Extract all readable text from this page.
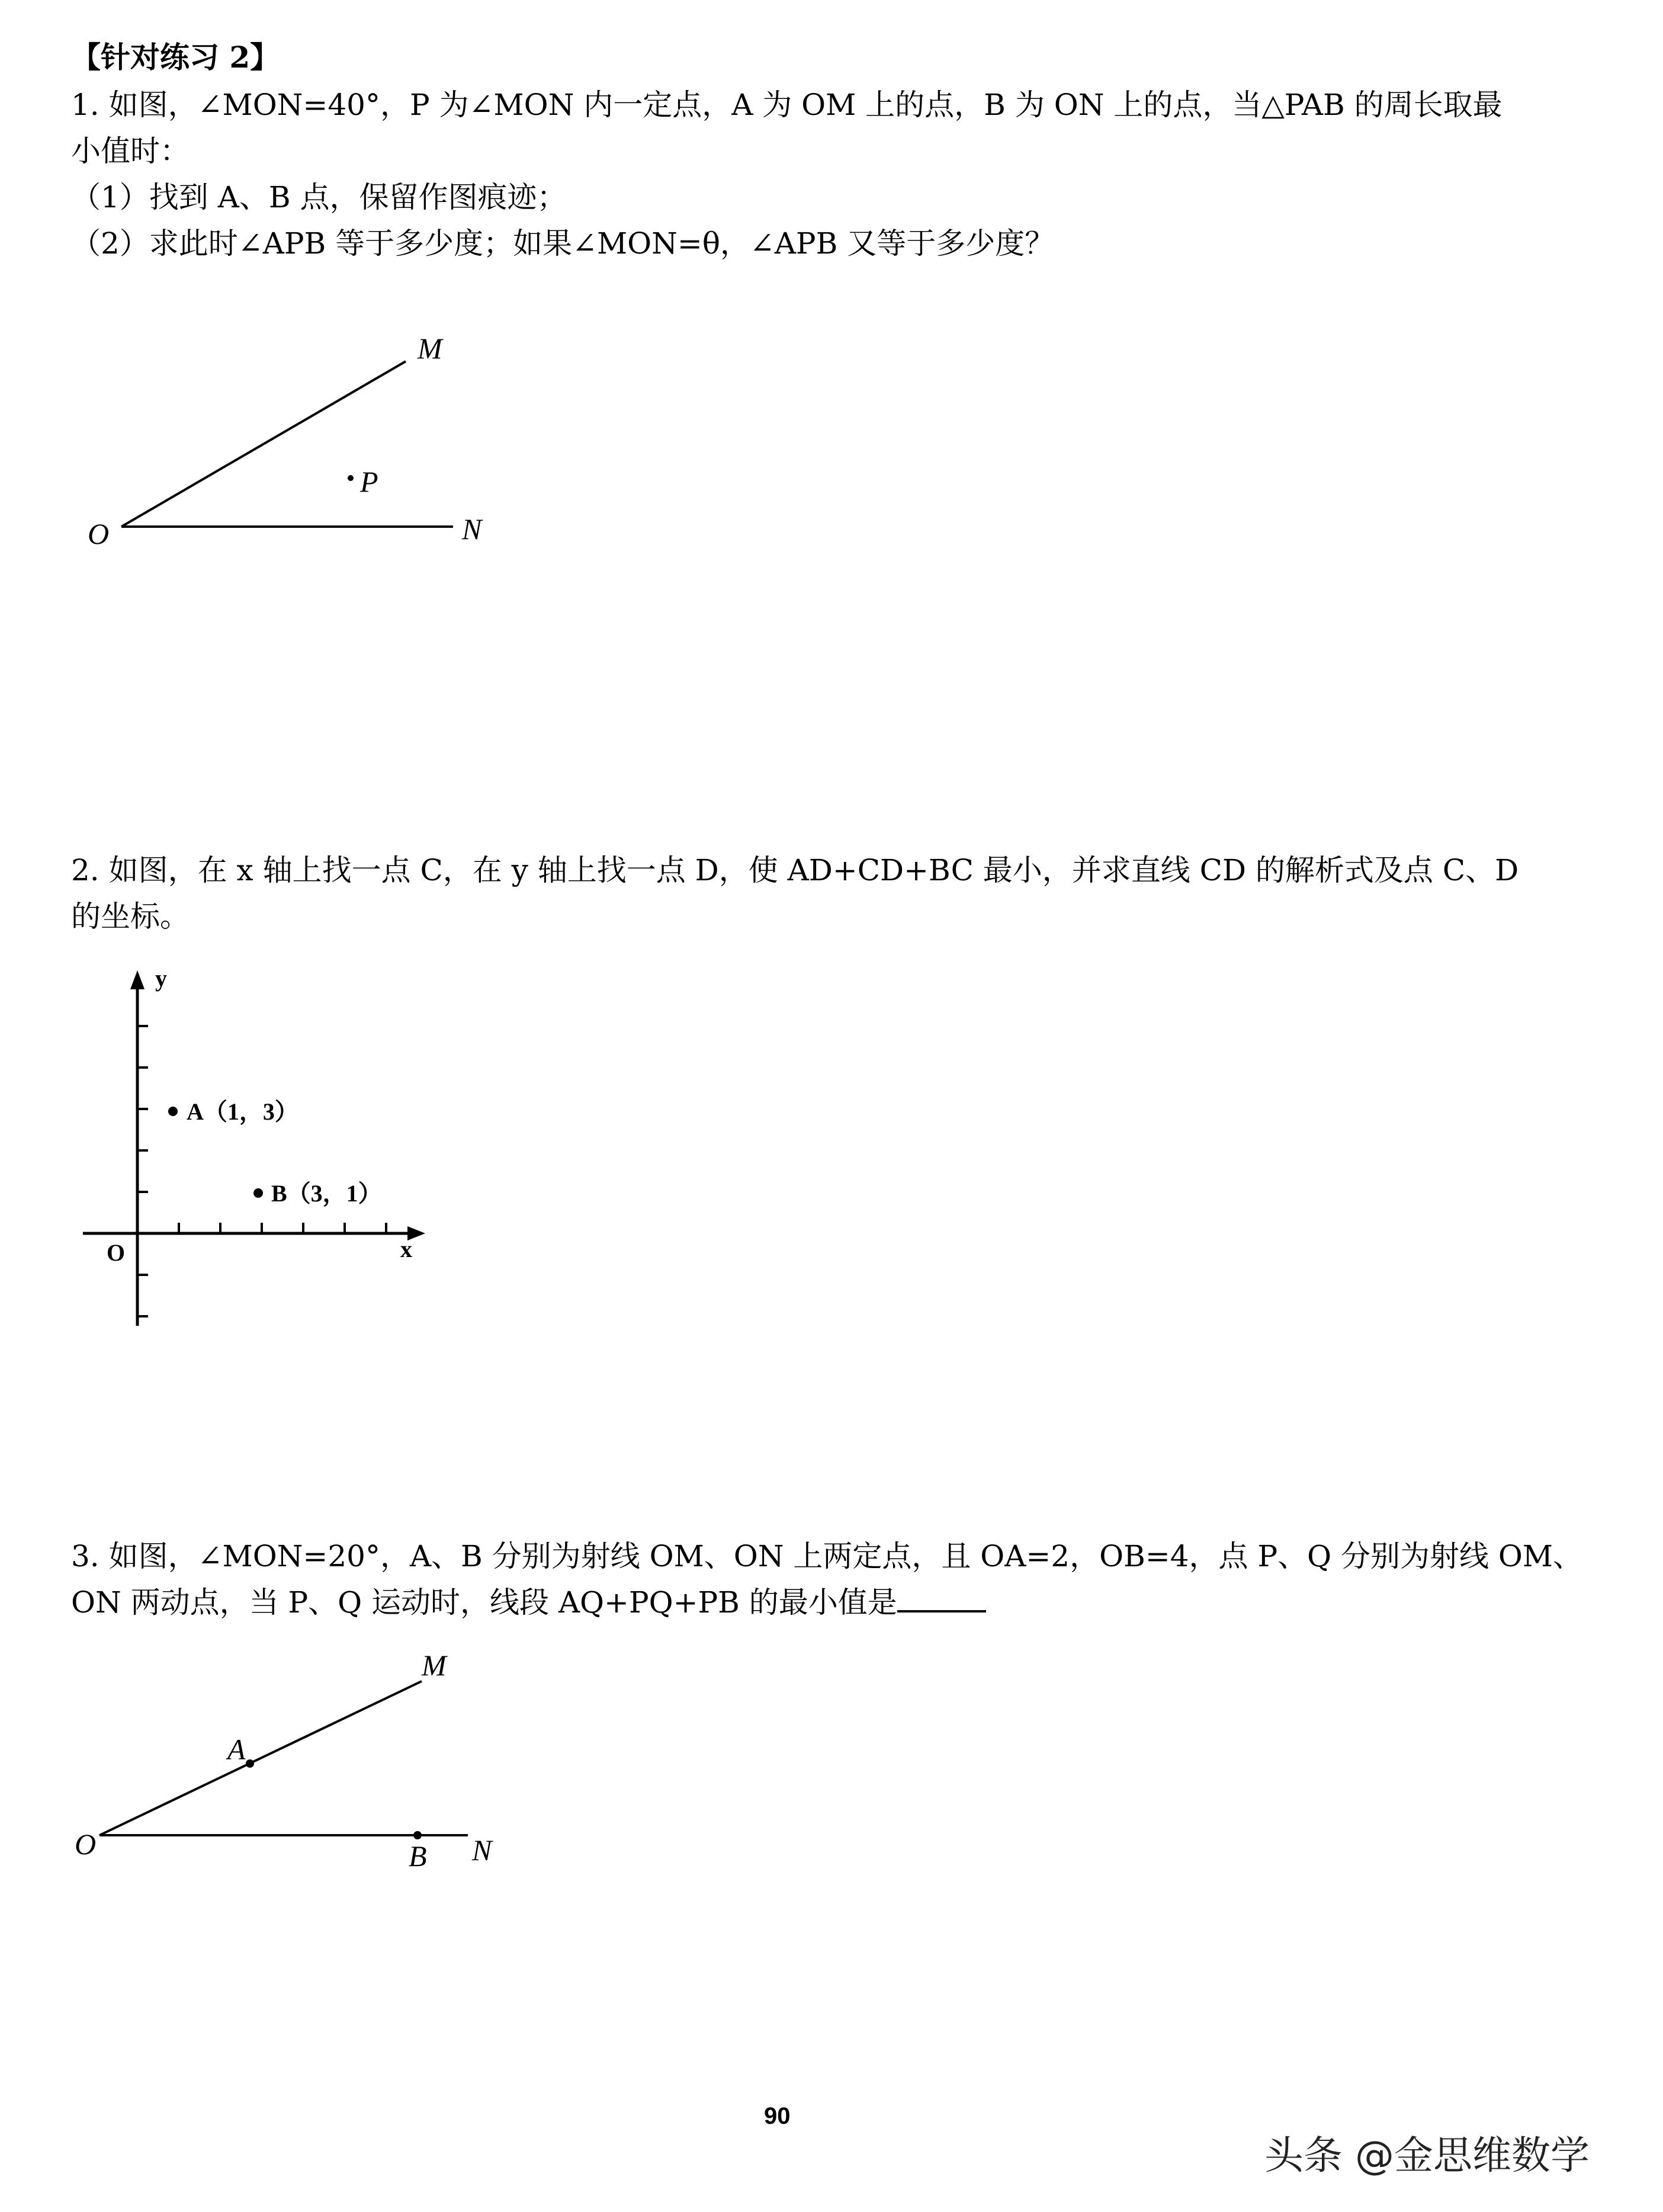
【针对练习 2】

1. 如图，∠MON=40°，P 为∠MON 内一定点，A 为 OM 上的点，B 为 ON 上的点，当△PAB 的周长取最

小值时：

（1）找到 A、B 点，保留作图痕迹；

（2）求此时∠APB 等于多少度；如果∠MON=θ，∠APB 又等于多少度？

O
M
N
P

2. 如图，在 x 轴上找一点 C，在 y 轴上找一点 D，使 AD+CD+BC 最小，并求直线 CD 的解析式及点 C、D

的坐标。

A（1，3）
B（3，1）
y
x
O

3. 如图，∠MON=20°，A、B 分别为射线 OM、ON 上两定点，且 OA=2，OB=4，点 P、Q 分别为射线 OM、

ON 两动点，当 P、Q 运动时，线段 AQ+PQ+PB 的最小值是

O
M
N
A
B
90
头条 @金思维数学
